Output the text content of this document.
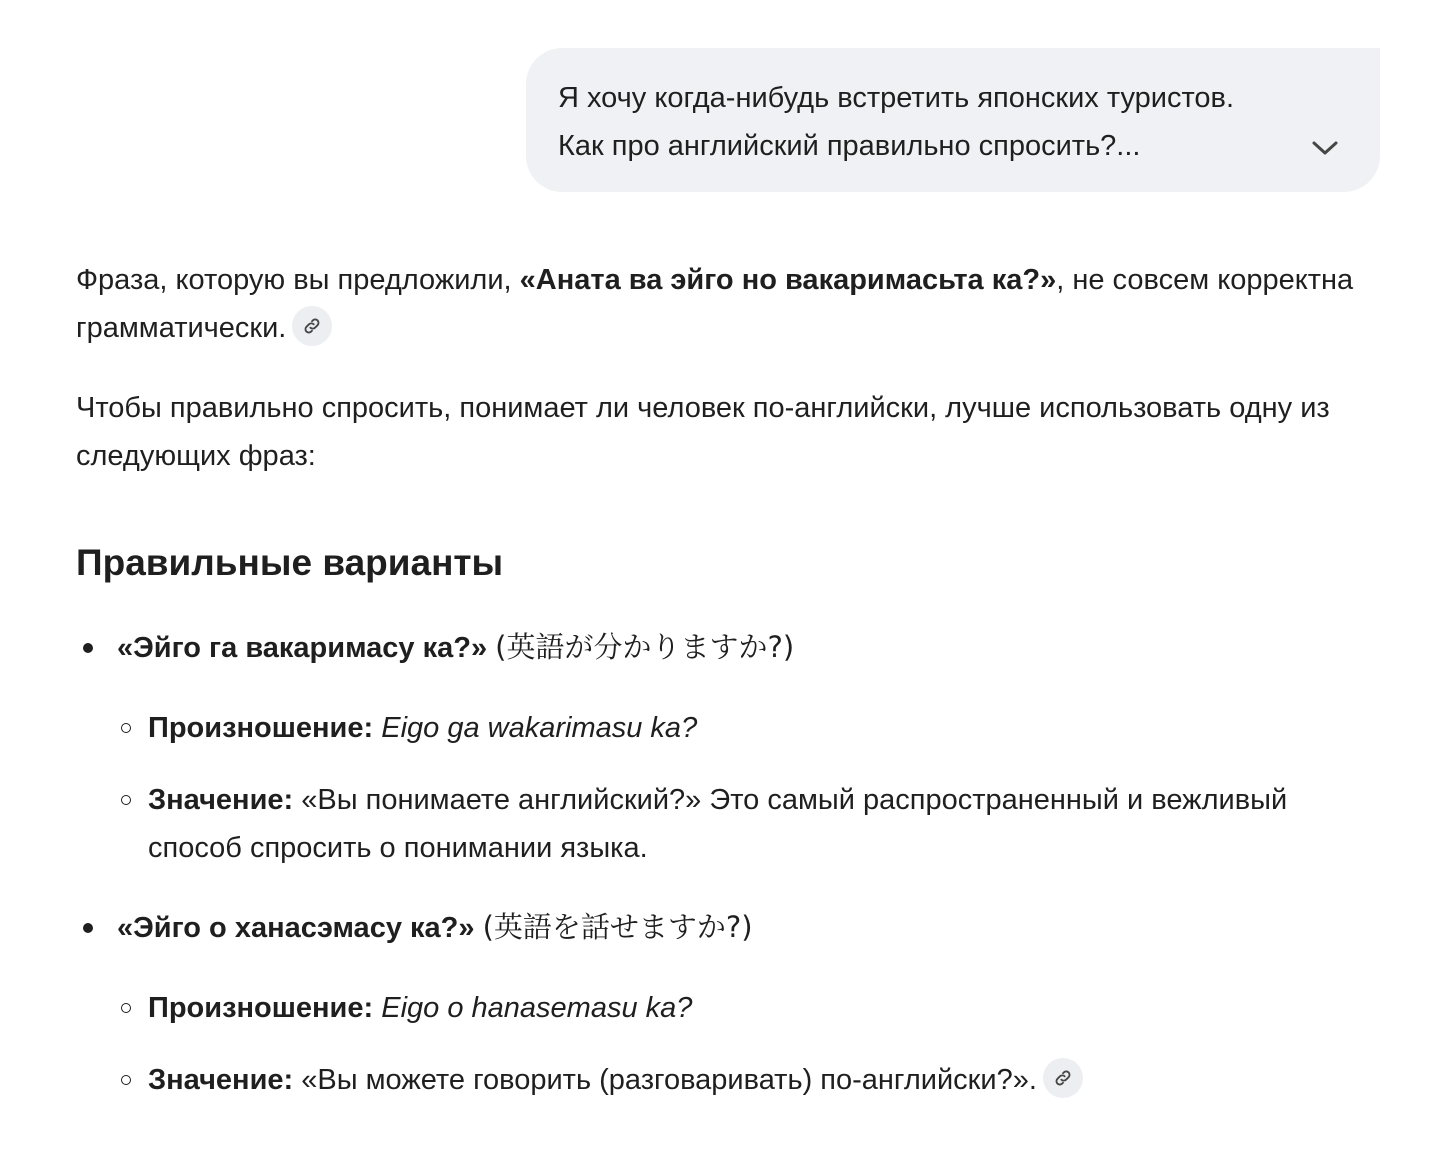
Я хочу когда-нибудь встретить японских туристов.
Как про английский правильно спросить?...

Фраза, которую вы предложили, «Аната ва эйго но вакаримасьта ка?», не совсем корректна грамматически.

Чтобы правильно спросить, понимает ли человек по-английски, лучше использовать одну из следующих фраз:

Правильные варианты
«Эйго га вакаримасу ка?» (英語が分かりますか?)
Произношение: Eigo ga wakarimasu ka?
Значение: «Вы понимаете английский?» Это самый распространенный и вежливый способ спросить о понимании языка.
«Эйго о ханасэмасу ка?» (英語を話せますか?)
Произношение: Eigo o hanasemasu ka?
Значение: «Вы можете говорить (разговаривать) по-английски?».
